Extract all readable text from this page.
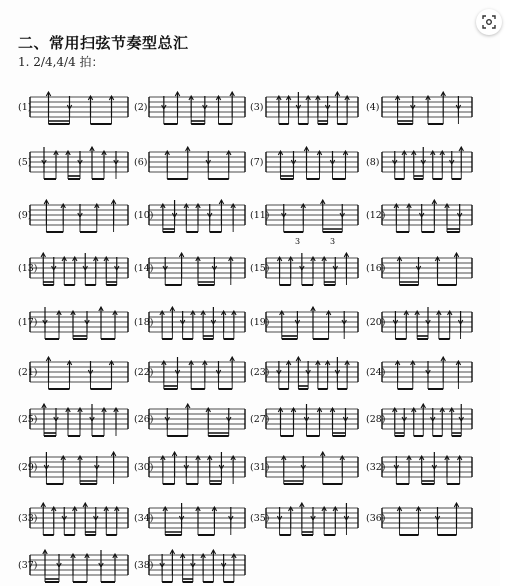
二、常用扫弦节奏型总汇
1. 2/4,4/4 拍：
(1)	(2)	(3)	(4)
(5)	(6)	(7)	(8)
(9)	(10)	(11)	(12)
(13)	(14)	(15)	(16)
(17)	(18)	(19)	(20)
(21)	(22)	(23)	(24)
(25)	(26)	(27)	(28)
(29)	(30)	(31)	(32)
(33)	(34)	(35)	(36)
(37)	(38)
3	3
